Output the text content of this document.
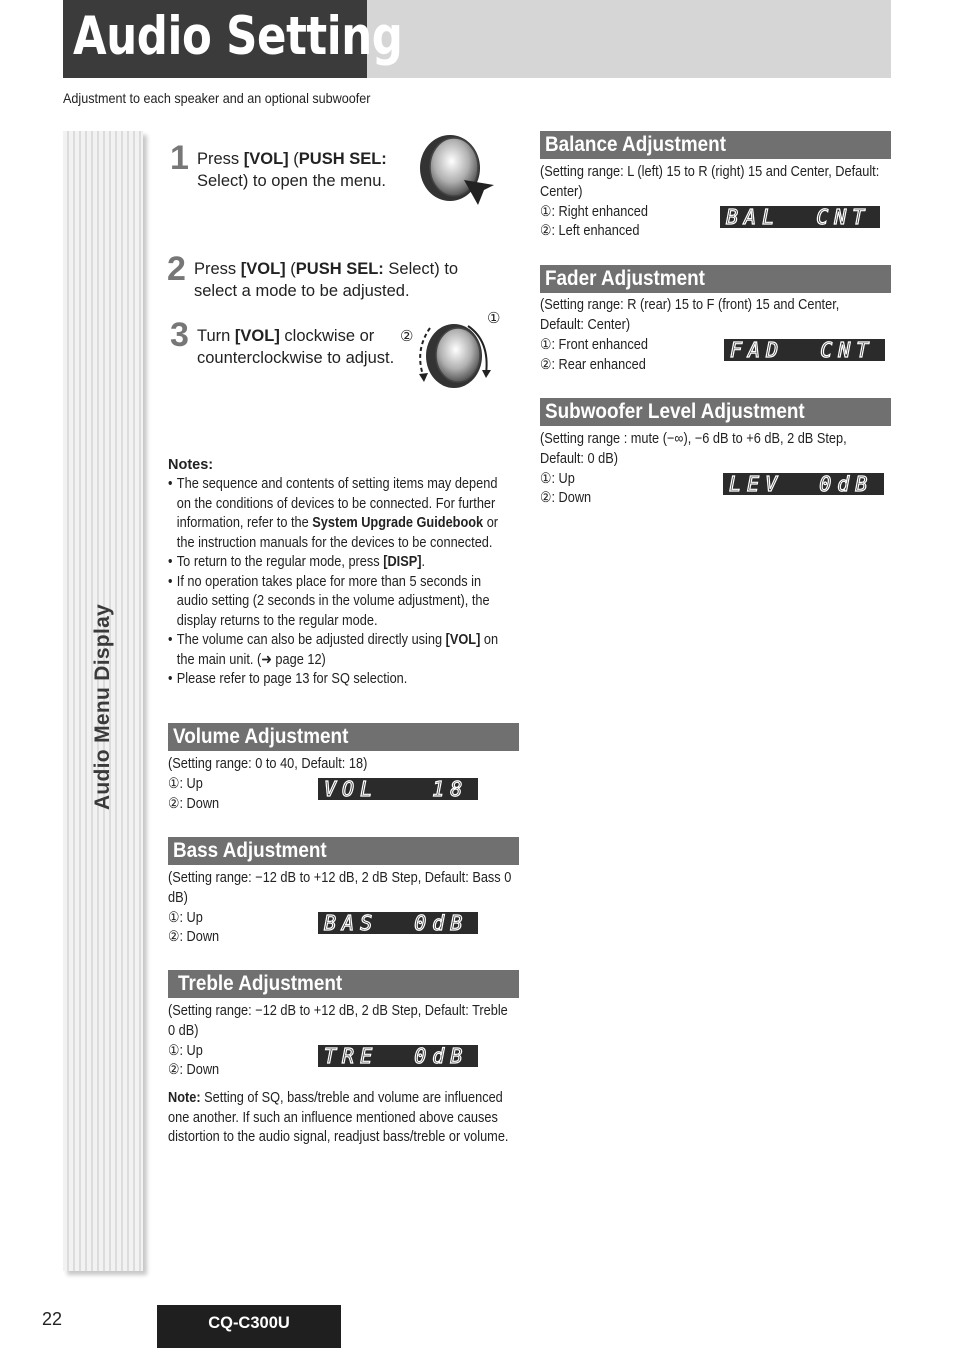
Audio Setting
Adjustment to each speaker and an optional subwoofer
Audio Menu Display
1 Press [VOL] (PUSH SEL: Select) to open the menu.
2 Press [VOL] (PUSH SEL: Select) to select a mode to be adjusted.
3 Turn [VOL] clockwise or counterclockwise to adjust.
①
②
Notes:
• The sequence and contents of setting items may depend on the conditions of devices to be connected. For further information, refer to the System Upgrade Guidebook or the instruction manuals for the devices to be connected.
• To return to the regular mode, press [DISP].
• If no operation takes place for more than 5 seconds in audio setting (2 seconds in the volume adjustment), the display returns to the regular mode.
• The volume can also be adjusted directly using [VOL] on the main unit. (➜ page 12)
• Please refer to page 13 for SQ selection.
Volume Adjustment
(Setting range: 0 to 40, Default: 18)
①: Up
②: Down
VOL   18
Bass Adjustment
(Setting range: −12 dB to +12 dB, 2 dB Step, Default: Bass 0 dB)
①: Up
②: Down
BAS  0dB
Treble Adjustment
(Setting range: −12 dB to +12 dB, 2 dB Step, Default: Treble 0 dB)
①: Up
②: Down
TRE  0dB
Note: Setting of SQ, bass/treble and volume are influenced one another. If such an influence mentioned above causes distortion to the audio signal, readjust bass/treble or volume.
Balance Adjustment
(Setting range: L (left) 15 to R (right) 15 and Center, Default: Center)
①: Right enhanced
②: Left enhanced
BAL  CNT
Fader Adjustment
(Setting range: R (rear) 15 to F (front) 15 and Center, Default: Center)
①: Front enhanced
②: Rear enhanced
FAD  CNT
Subwoofer Level Adjustment
(Setting range : mute (−∞), −6 dB to +6 dB, 2 dB Step, Default: 0 dB)
①: Up
②: Down
LEV  0dB
22	CQ-C300U
